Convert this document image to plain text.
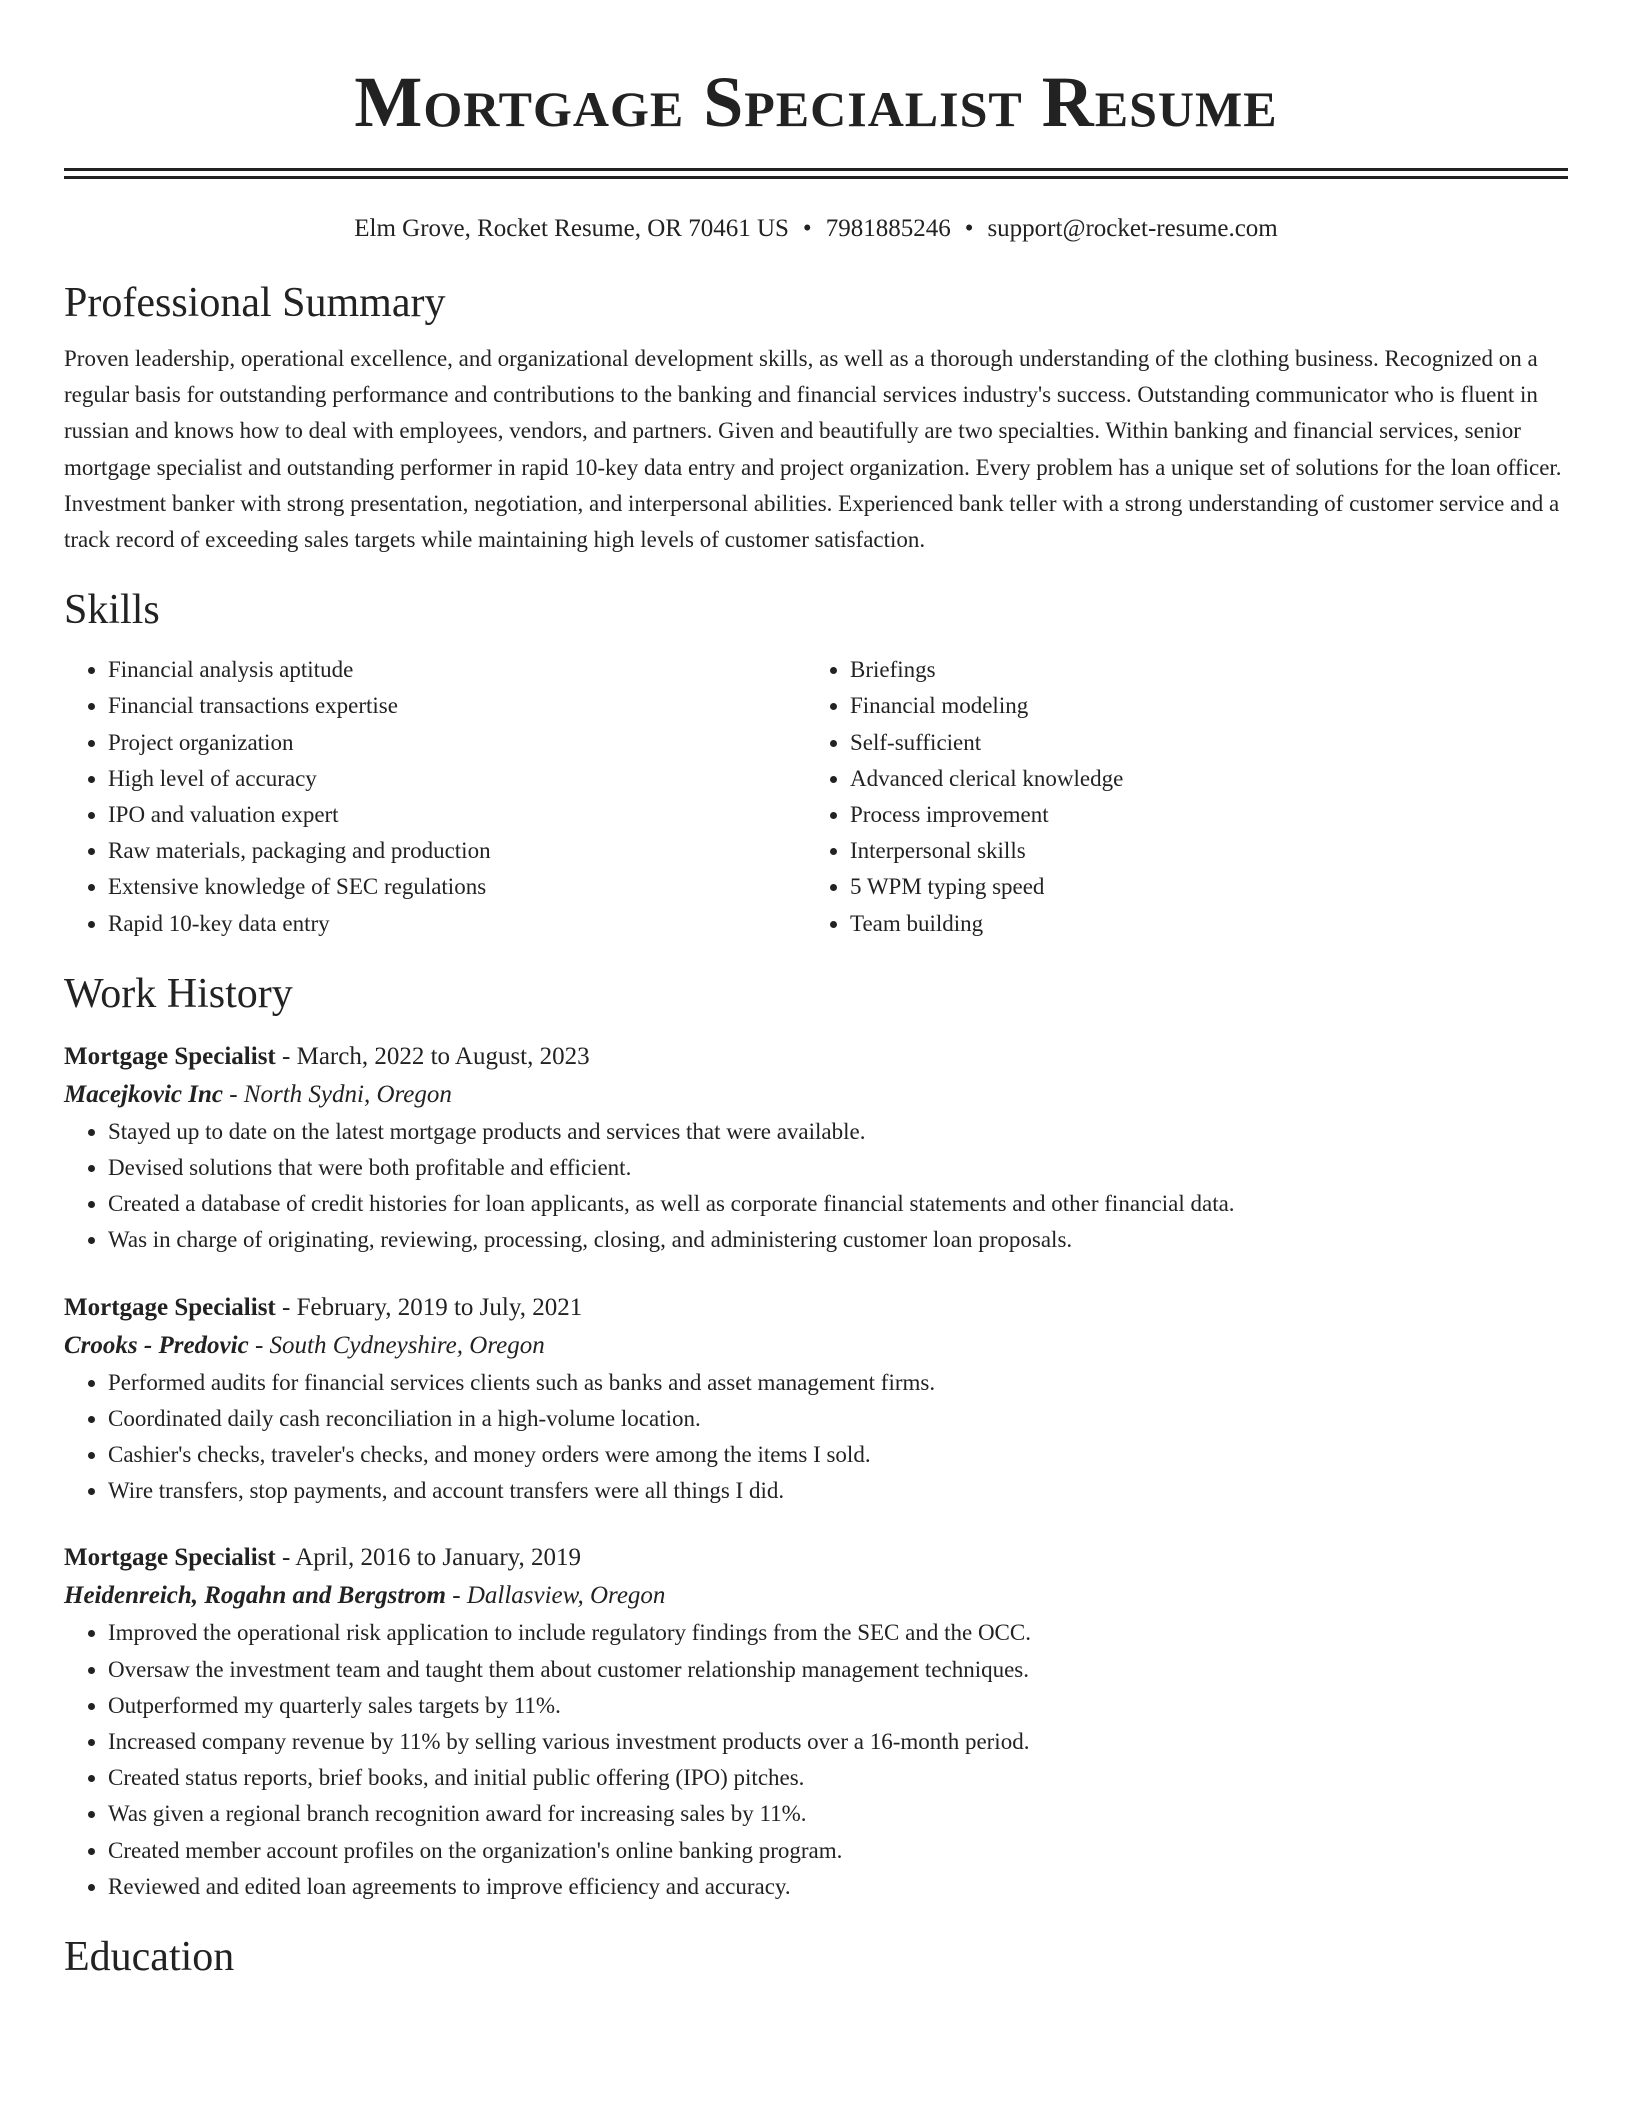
Mortgage Specialist Resume
Elm Grove, Rocket Resume, OR 70461 US • 7981885246 • support@rocket-resume.com
Professional Summary

Proven leadership, operational excellence, and organizational development skills, as well as a thorough understanding of the clothing business. Recognized on a regular basis for outstanding performance and contributions to the banking and financial services industry's success. Outstanding communicator who is fluent in russian and knows how to deal with employees, vendors, and partners. Given and beautifully are two specialties. Within banking and financial services, senior mortgage specialist and outstanding performer in rapid 10-key data entry and project organization. Every problem has a unique set of solutions for the loan officer. Investment banker with strong presentation, negotiation, and interpersonal abilities. Experienced bank teller with a strong understanding of customer service and a track record of exceeding sales targets while maintaining high levels of customer satisfaction.

Skills
• Financial analysis aptitude
• Financial transactions expertise
• Project organization
• High level of accuracy
• IPO and valuation expert
• Raw materials, packaging and production
• Extensive knowledge of SEC regulations
• Rapid 10-key data entry
• Briefings
• Financial modeling
• Self-sufficient
• Advanced clerical knowledge
• Process improvement
• Interpersonal skills
• 5 WPM typing speed
• Team building
Work History
Mortgage Specialist - March, 2022 to August, 2023
Macejkovic Inc - North Sydni, Oregon
• Stayed up to date on the latest mortgage products and services that were available.
• Devised solutions that were both profitable and efficient.
• Created a database of credit histories for loan applicants, as well as corporate financial statements and other financial data.
• Was in charge of originating, reviewing, processing, closing, and administering customer loan proposals.
Mortgage Specialist - February, 2019 to July, 2021
Crooks - Predovic - South Cydneyshire, Oregon
• Performed audits for financial services clients such as banks and asset management firms.
• Coordinated daily cash reconciliation in a high-volume location.
• Cashier's checks, traveler's checks, and money orders were among the items I sold.
• Wire transfers, stop payments, and account transfers were all things I did.
Mortgage Specialist - April, 2016 to January, 2019
Heidenreich, Rogahn and Bergstrom - Dallasview, Oregon
• Improved the operational risk application to include regulatory findings from the SEC and the OCC.
• Oversaw the investment team and taught them about customer relationship management techniques.
• Outperformed my quarterly sales targets by 11%.
• Increased company revenue by 11% by selling various investment products over a 16-month period.
• Created status reports, brief books, and initial public offering (IPO) pitches.
• Was given a regional branch recognition award for increasing sales by 11%.
• Created member account profiles on the organization's online banking program.
• Reviewed and edited loan agreements to improve efficiency and accuracy.
Education
